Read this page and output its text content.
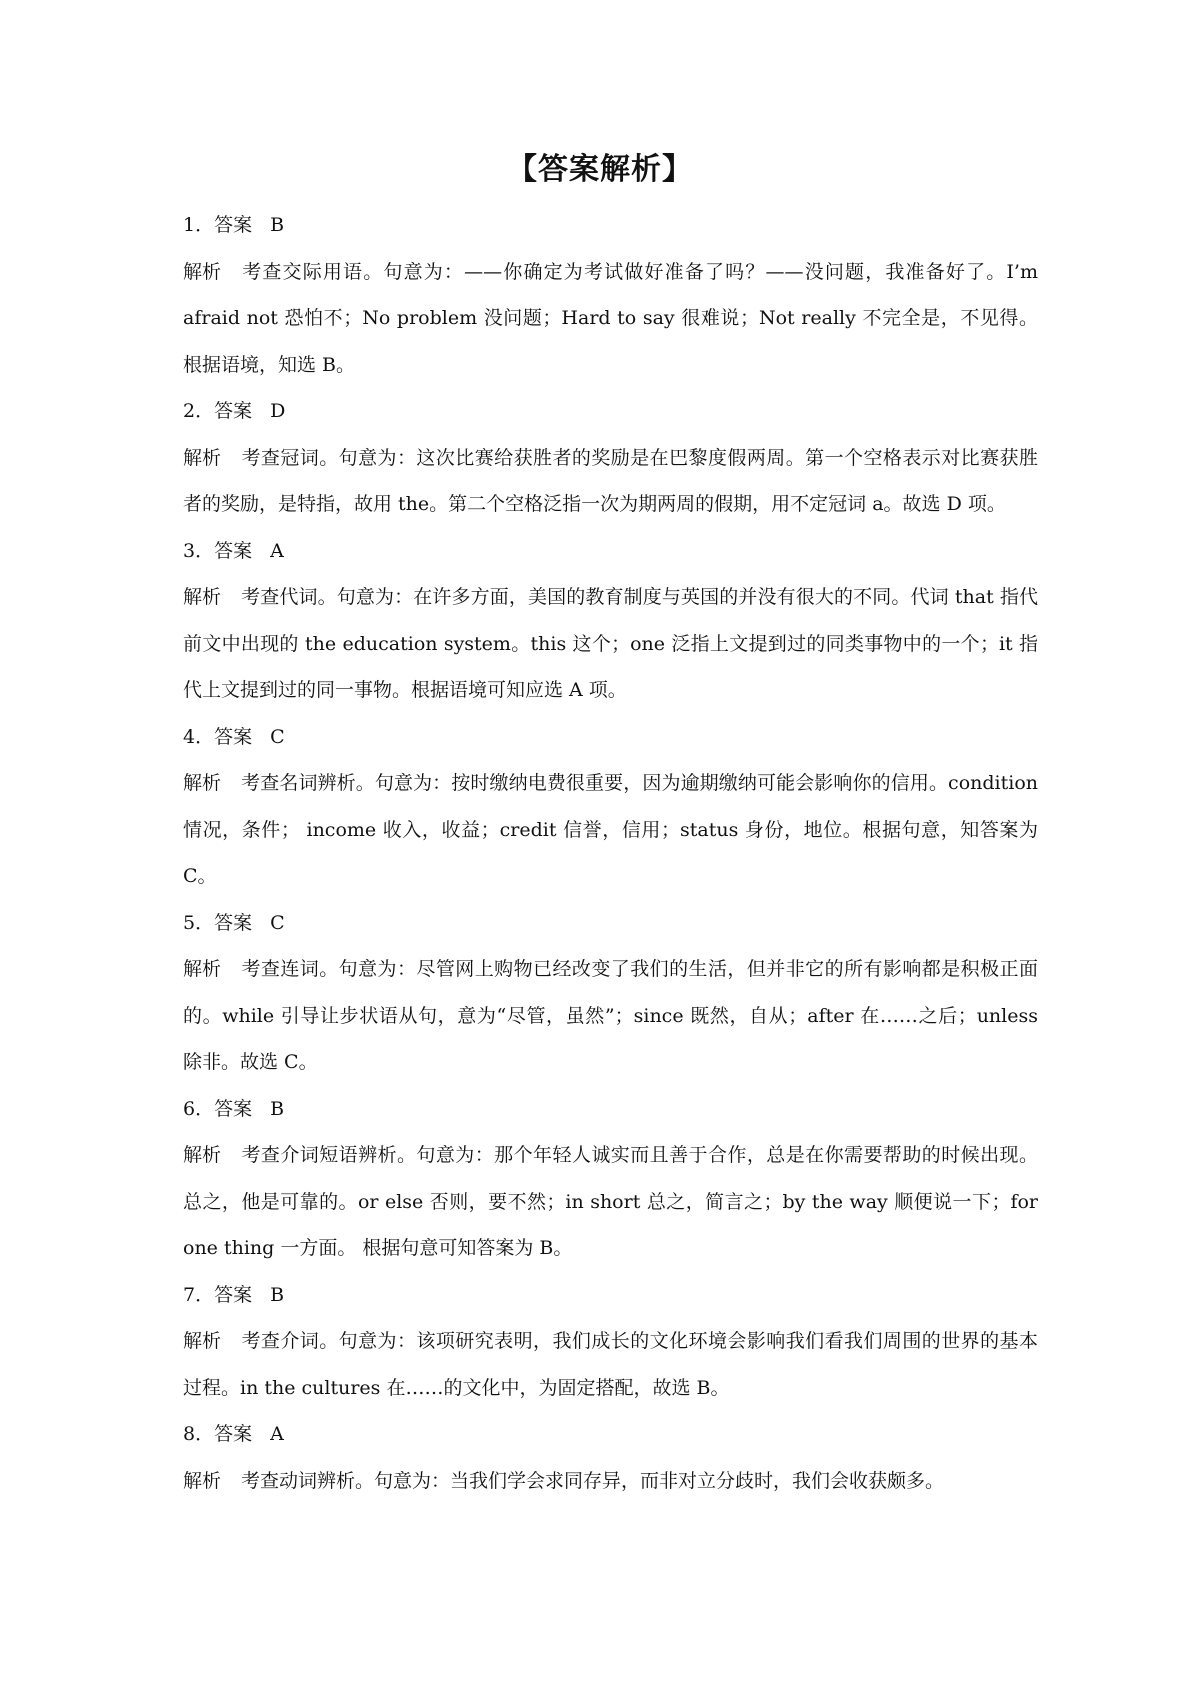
【答案解析】
1．答案 B
解析 考查交际用语。句意为：——你确定为考试做好准备了吗？——没问题，我准备好了。I’m afraid not 恐怕不；No problem 没问题；Hard to say 很难说；Not really 不完全是，不见得。根据语境，知选 B。
2．答案 D
解析 考查冠词。句意为：这次比赛给获胜者的奖励是在巴黎度假两周。第一个空格表示对比赛获胜者的奖励，是特指，故用 the。第二个空格泛指一次为期两周的假期，用不定冠词 a。故选 D 项。
3．答案 A
解析 考查代词。句意为：在许多方面，美国的教育制度与英国的并没有很大的不同。代词 that 指代前文中出现的 the education system。this 这个；one 泛指上文提到过的同类事物中的一个；it 指代上文提到过的同一事物。根据语境可知应选 A 项。
4．答案 C
解析 考查名词辨析。句意为：按时缴纳电费很重要，因为逾期缴纳可能会影响你的信用。condition 情况，条件； income 收入，收益；credit 信誉，信用；status 身份，地位。根据句意，知答案为 C。
5．答案 C
解析 考查连词。句意为：尽管网上购物已经改变了我们的生活，但并非它的所有影响都是积极正面的。while 引导让步状语从句，意为“尽管，虽然”；since 既然，自从；after 在……之后；unless 除非。故选 C。
6．答案 B
解析 考查介词短语辨析。句意为：那个年轻人诚实而且善于合作，总是在你需要帮助的时候出现。总之，他是可靠的。or else 否则，要不然；in short 总之，简言之；by the way 顺便说一下；for one thing 一方面。 根据句意可知答案为 B。
7．答案 B
解析 考查介词。句意为：该项研究表明，我们成长的文化环境会影响我们看我们周围的世界的基本过程。in the cultures 在……的文化中，为固定搭配，故选 B。
8．答案 A
解析 考查动词辨析。句意为：当我们学会求同存异，而非对立分歧时，我们会收获颇多。
